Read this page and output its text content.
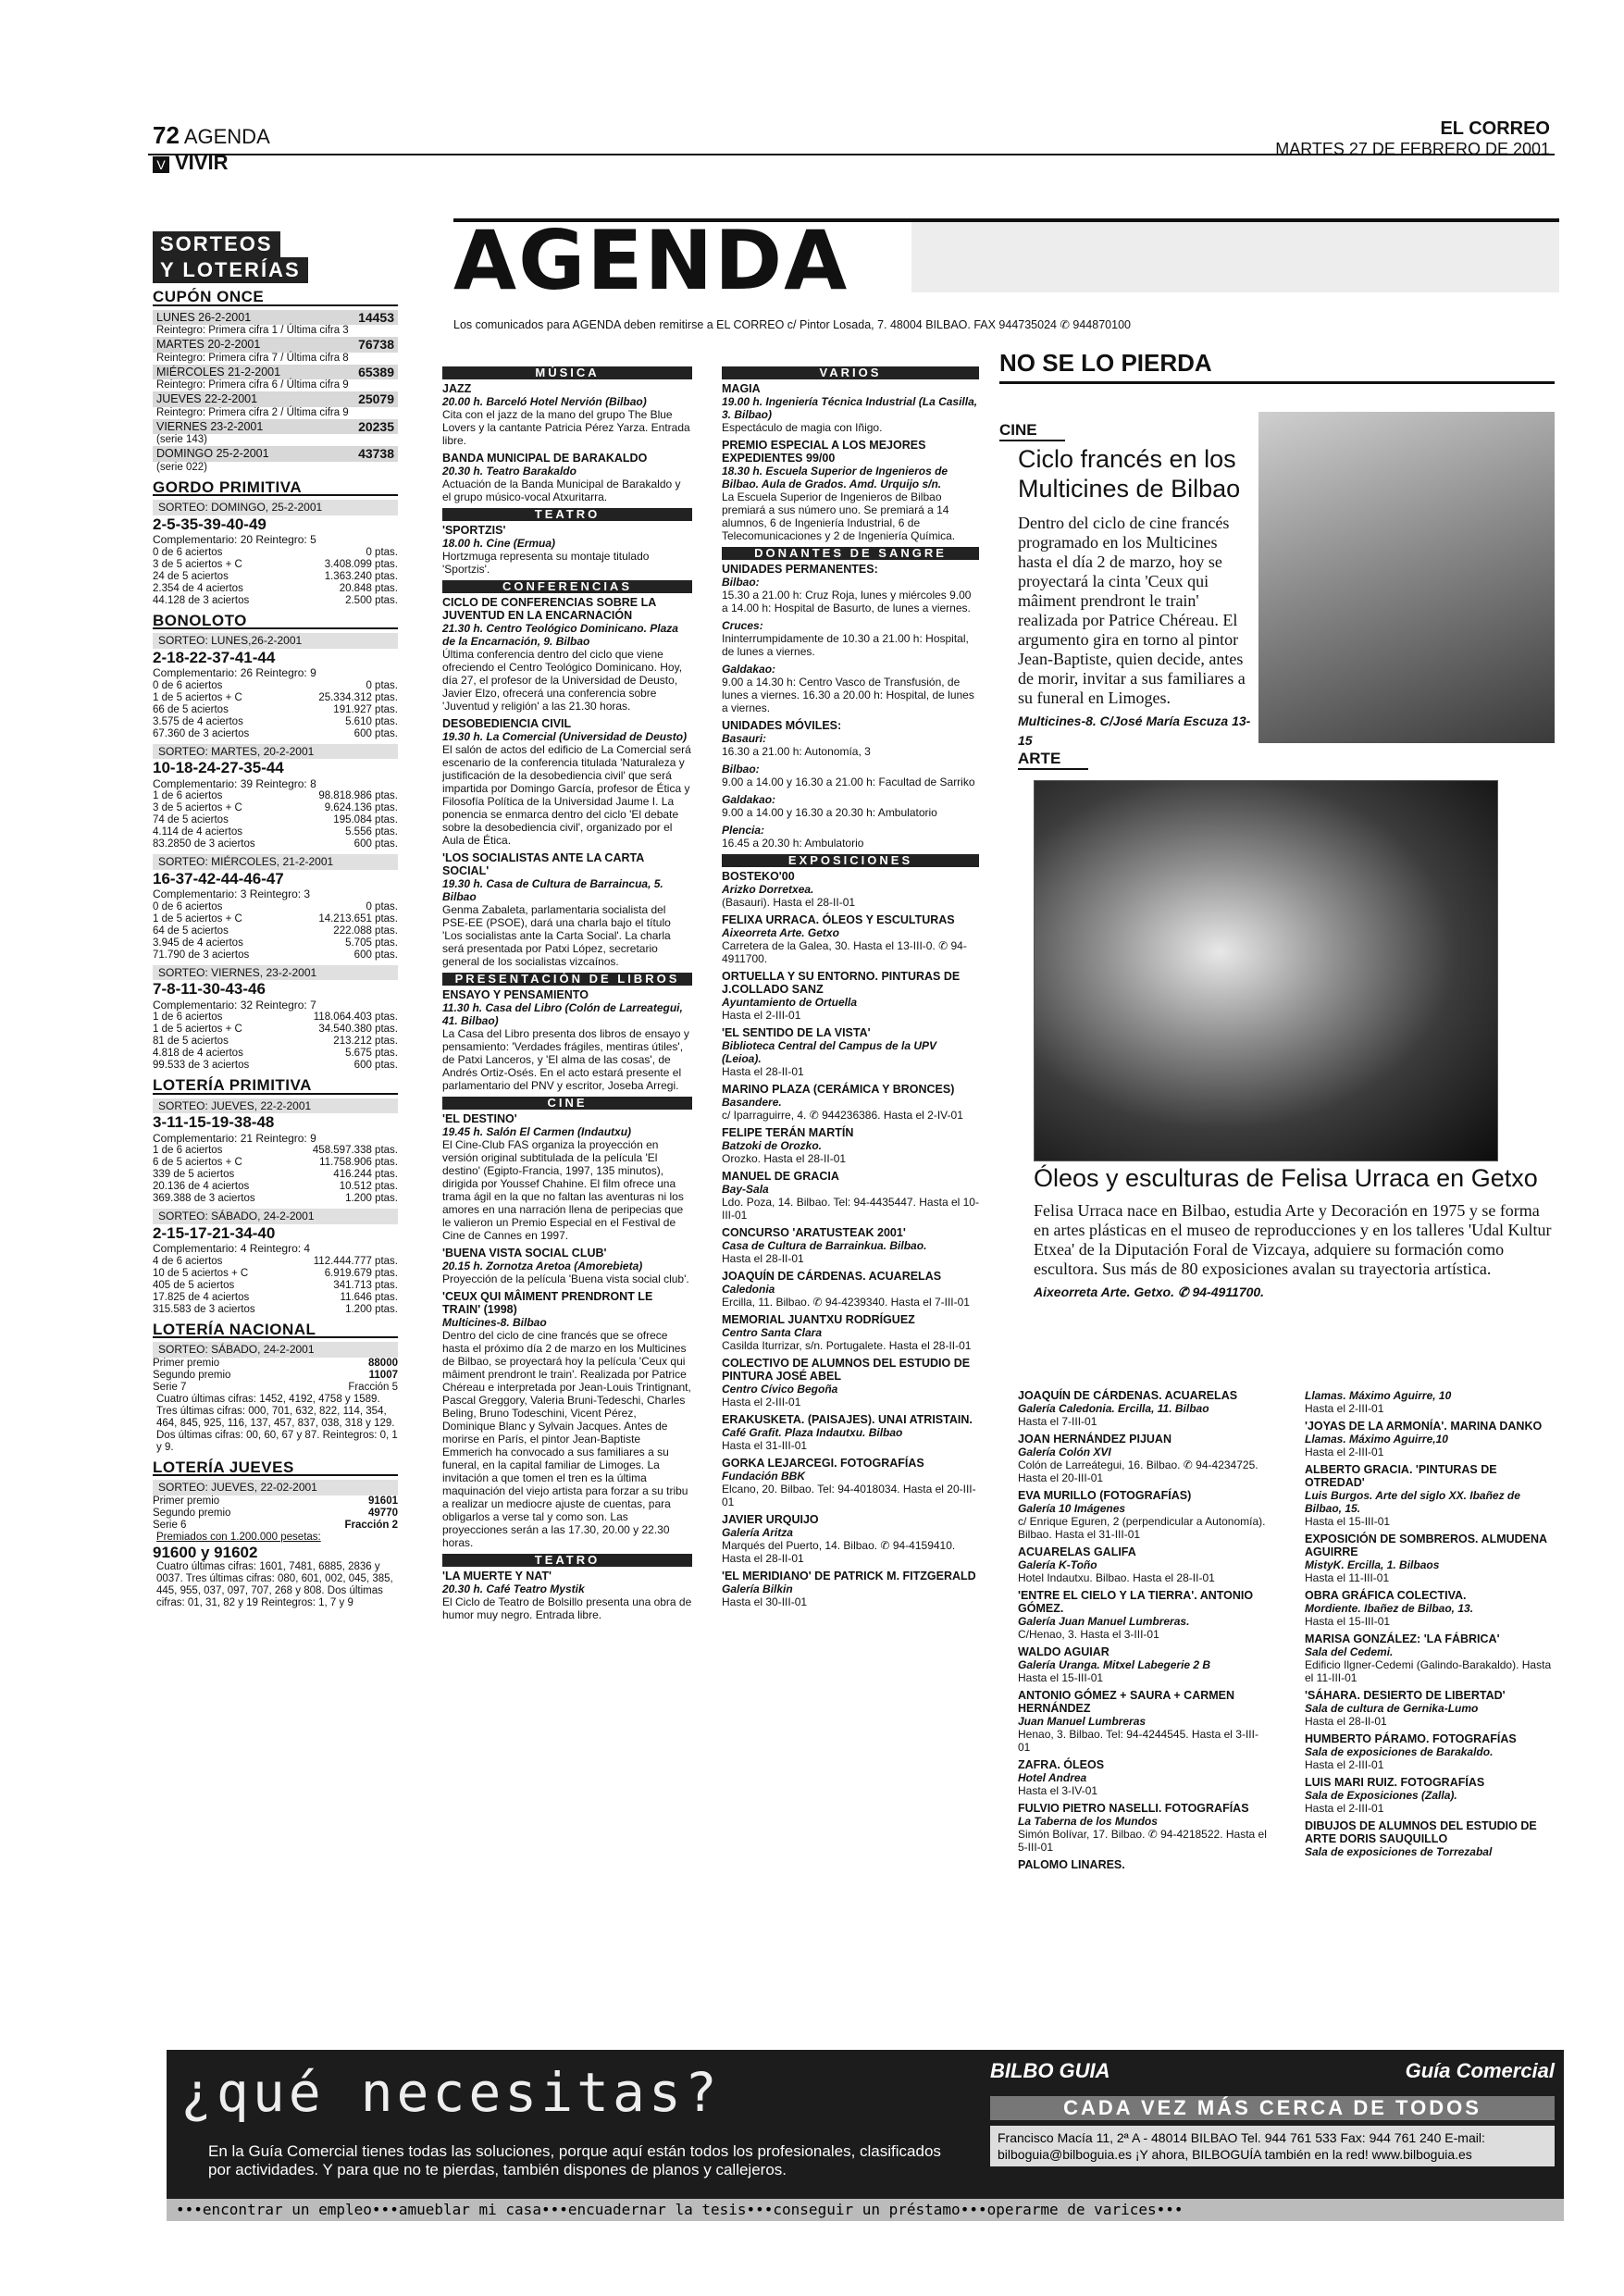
72 AGENDA
V VIVIR
EL CORREO
MARTES 27 DE FEBRERO DE 2001
SORTEOS
Y LOTERÍAS
CUPÓN ONCE
LUNES 26-2-2001	14453
Reintegro: Primera cifra 1 / Última cifra 3
MARTES 20-2-2001	76738
Reintegro: Primera cifra 7 / Última cifra 8
MIÉRCOLES 21-2-2001	65389
Reintegro: Primera cifra 6 / Última cifra 9
JUEVES 22-2-2001	25079
Reintegro: Primera cifra 2 / Última cifra 9
VIERNES 23-2-2001	20235
(serie 143)
DOMINGO 25-2-2001	43738
(serie 022)
GORDO PRIMITIVA
SORTEO: DOMINGO, 25-2-2001
2-5-35-39-40-49
Complementario: 20 Reintegro: 5
0 de 6 aciertos	0 ptas.
3 de 5 aciertos + C	3.408.099 ptas.
24 de 5 aciertos	1.363.240 ptas.
2.354 de 4 aciertos	20.848 ptas.
44.128 de 3 aciertos	2.500 ptas.
BONOLOTO
SORTEO: LUNES,26-2-2001
2-18-22-37-41-44
Complementario: 26 Reintegro: 9
0 de 6 aciertos	0 ptas.
1 de 5 aciertos + C	25.334.312 ptas.
66 de 5 aciertos	191.927 ptas.
3.575 de 4 aciertos	5.610 ptas.
67.360 de 3 aciertos	600 ptas.
SORTEO: MARTES, 20-2-2001
10-18-24-27-35-44
Complementario: 39 Reintegro: 8
1 de 6 aciertos	98.818.986 ptas.
3 de 5 aciertos + C	9.624.136 ptas.
74 de 5 aciertos	195.084 ptas.
4.114 de 4 aciertos	5.556 ptas.
83.2850 de 3 aciertos	600 ptas.
SORTEO: MIÉRCOLES, 21-2-2001
16-37-42-44-46-47
Complementario: 3 Reintegro: 3
0 de 6 aciertos	0 ptas.
1 de 5 aciertos + C	14.213.651 ptas.
64 de 5 aciertos	222.088 ptas.
3.945 de 4 aciertos	5.705 ptas.
71.790 de 3 aciertos	600 ptas.
SORTEO: VIERNES, 23-2-2001
7-8-11-30-43-46
Complementario: 32 Reintegro: 7
1 de 6 aciertos	118.064.403 ptas.
1 de 5 aciertos + C	34.540.380 ptas.
81 de 5 aciertos	213.212 ptas.
4.818 de 4 aciertos	5.675 ptas.
99.533 de 3 aciertos	600 ptas.
LOTERÍA PRIMITIVA
SORTEO: JUEVES, 22-2-2001
3-11-15-19-38-48
Complementario: 21 Reintegro: 9
1 de 6 aciertos	458.597.338 ptas.
6 de 5 aciertos + C	11.758.906 ptas.
339 de 5 aciertos	416.244 ptas.
20.136 de 4 aciertos	10.512 ptas.
369.388 de 3 aciertos	1.200 ptas.
SORTEO: SÁBADO, 24-2-2001
2-15-17-21-34-40
Complementario: 4 Reintegro: 4
4 de 6 aciertos	112.444.777 ptas.
10 de 5 aciertos + C	6.919.679 ptas.
405 de 5 aciertos	341.713 ptas.
17.825 de 4 aciertos	11.646 ptas.
315.583 de 3 aciertos	1.200 ptas.
LOTERÍA NACIONAL
SORTEO: SÁBADO, 24-2-2001
Primer premio	88000
Segundo premio	11007
Serie 7	Fracción 5
Cuatro últimas cifras: 1452, 4192, 4758 y 1589. Tres últimas cifras: 000, 701, 632, 822, 114, 354, 464, 845, 925, 116, 137, 457, 837, 038, 318 y 129. Dos últimas cifras: 00, 60, 67 y 87. Reintegros: 0, 1 y 9.
LOTERÍA JUEVES
SORTEO: JUEVES, 22-02-2001
Primer premio	91601
Segundo premio	49770
Serie 6	Fracción 2
Premiados con 1.200.000 pesetas:
91600 y 91602
Cuatro últimas cifras: 1601, 7481, 6885, 2836 y 0037. Tres últimas cifras: 080, 601, 002, 045, 385, 445, 955, 037, 097, 707, 268 y 808. Dos últimas cifras: 01, 31, 82 y 19 Reintegros: 1, 7 y 9
AGENDA
Los comunicados para AGENDA deben remitirse a EL CORREO c/ Pintor Losada, 7. 48004 BILBAO. FAX 944735024 ✆ 944870100
MÚSICA
JAZZ
20.00 h. Barceló Hotel Nervión (Bilbao)
Cita con el jazz de la mano del grupo The Blue Lovers y la cantante Patricia Pérez Yarza. Entrada libre.
BANDA MUNICIPAL DE BARAKALDO
20.30 h. Teatro Barakaldo
Actuación de la Banda Municipal de Barakaldo y el grupo músico-vocal Atxuritarra.
TEATRO
'SPORTZIS'
18.00 h. Cine (Ermua)
Hortzmuga representa su montaje titulado 'Sportzis'.
CONFERENCIAS
CICLO DE CONFERENCIAS SOBRE LA JUVENTUD EN LA ENCARNACIÓN
21.30 h. Centro Teológico Dominicano. Plaza de la Encarnación, 9. Bilbao
Última conferencia dentro del ciclo que viene ofreciendo el Centro Teológico Dominicano. Hoy, día 27, el profesor de la Universidad de Deusto, Javier Elzo, ofrecerá una conferencia sobre 'Juventud y religión' a las 21.30 horas.
DESOBEDIENCIA CIVIL
19.30 h. La Comercial (Universidad de Deusto)
El salón de actos del edificio de La Comercial será escenario de la conferencia titulada 'Naturaleza y justificación de la desobediencia civil' que será impartida por Domingo García, profesor de Ética y Filosofía Política de la Universidad Jaume I. La ponencia se enmarca dentro del ciclo 'El debate sobre la desobediencia civil', organizado por el Aula de Ética.
'LOS SOCIALISTAS ANTE LA CARTA SOCIAL'
19.30 h. Casa de Cultura de Barraincua, 5. Bilbao
Genma Zabaleta, parlamentaria socialista del PSE-EE (PSOE), dará una charla bajo el título 'Los socialistas ante la Carta Social'. La charla será presentada por Patxi López, secretario general de los socialistas vizcaínos.
PRESENTACIÓN DE LIBROS
ENSAYO Y PENSAMIENTO
11.30 h. Casa del Libro (Colón de Larreategui, 41. Bilbao)
La Casa del Libro presenta dos libros de ensayo y pensamiento: 'Verdades frágiles, mentiras útiles', de Patxi Lanceros, y 'El alma de las cosas', de Andrés Ortiz-Osés. En el acto estará presente el parlamentario del PNV y escritor, Joseba Arregi.
CINE
'EL DESTINO'
19.45 h. Salón El Carmen (Indautxu)
El Cine-Club FAS organiza la proyección en versión original subtitulada de la película 'El destino' (Egipto-Francia, 1997, 135 minutos), dirigida por Youssef Chahine. El film ofrece una trama ágil en la que no faltan las aventuras ni los amores en una narración llena de peripecias que le valieron un Premio Especial en el Festival de Cine de Cannes en 1997.
'BUENA VISTA SOCIAL CLUB'
20.15 h. Zornotza Aretoa (Amorebieta)
Proyección de la película 'Buena vista social club'.
'CEUX QUI MÂIMENT PRENDRONT LE TRAIN' (1998)
Multicines-8. Bilbao
Dentro del ciclo de cine francés que se ofrece hasta el próximo día 2 de marzo en los Multicines de Bilbao, se proyectará hoy la película 'Ceux qui mâiment prendront le train'. Realizada por Patrice Chéreau e interpretada por Jean-Louis Trintignant, Pascal Greggory, Valeria Bruni-Tedeschi, Charles Beling, Bruno Todeschini, Vicent Pérez, Dominique Blanc y Sylvain Jacques. Antes de morirse en París, el pintor Jean-Baptiste Emmerich ha convocado a sus familiares a su funeral, en la capital familiar de Limoges. La invitación a que tomen el tren es la última maquinación del viejo artista para forzar a su tribu a realizar un mediocre ajuste de cuentas, para obligarlos a verse tal y como son. Las proyecciones serán a las 17.30, 20.00 y 22.30 horas.
TEATRO
'LA MUERTE Y NAT'
20.30 h. Café Teatro Mystik
El Ciclo de Teatro de Bolsillo presenta una obra de humor muy negro. Entrada libre.
VARIOS
MAGIA
19.00 h. Ingeniería Técnica Industrial (La Casilla, 3. Bilbao)
Espectáculo de magia con Iñigo.
PREMIO ESPECIAL A LOS MEJORES EXPEDIENTES 99/00
18.30 h. Escuela Superior de Ingenieros de Bilbao. Aula de Grados. Amd. Urquijo s/n.
La Escuela Superior de Ingenieros de Bilbao premiará a sus número uno. Se premiará a 14 alumnos, 6 de Ingeniería Industrial, 6 de Telecomunicaciones y 2 de Ingeniería Química.
DONANTES DE SANGRE
UNIDADES PERMANENTES:
Bilbao:
15.30 a 21.00 h: Cruz Roja, lunes y miércoles 9.00 a 14.00 h: Hospital de Basurto, de lunes a viernes.
Cruces:
Ininterrumpidamente de 10.30 a 21.00 h: Hospital, de lunes a viernes.
Galdakao:
9.00 a 14.30 h: Centro Vasco de Transfusión, de lunes a viernes. 16.30 a 20.00 h: Hospital, de lunes a viernes.
UNIDADES MÓVILES:
Basauri:
16.30 a 21.00 h: Autonomía, 3
Bilbao:
9.00 a 14.00 y 16.30 a 21.00 h: Facultad de Sarriko
Galdakao:
9.00 a 14.00 y 16.30 a 20.30 h: Ambulatorio
Plencia:
16.45 a 20.30 h: Ambulatorio
EXPOSICIONES
BOSTEKO'00
Arizko Dorretxea.
(Basauri). Hasta el 28-II-01
FELIXA URRACA. ÓLEOS Y ESCULTURAS
Aixeorreta Arte. Getxo
Carretera de la Galea, 30. Hasta el 13-III-0. ✆ 94-4911700.
ORTUELLA Y SU ENTORNO. PINTURAS DE J.COLLADO SANZ
Ayuntamiento de Ortuella
Hasta el 2-III-01
'EL SENTIDO DE LA VISTA'
Biblioteca Central del Campus de la UPV (Leioa).
Hasta el 28-II-01
MARINO PLAZA (CERÁMICA Y BRONCES)
Basandere.
c/ Iparraguirre, 4. ✆ 944236386. Hasta el 2-IV-01
FELIPE TERÁN MARTÍN
Batzoki de Orozko.
Orozko. Hasta el 28-II-01
MANUEL DE GRACIA
Bay-Sala
Ldo. Poza, 14. Bilbao. Tel: 94-4435447. Hasta el 10-III-01
CONCURSO 'ARATUSTEAK 2001'
Casa de Cultura de Barrainkua. Bilbao.
Hasta el 28-II-01
JOAQUÍN DE CÁRDENAS. ACUARELAS
Caledonia
Ercilla, 11. Bilbao. ✆ 94-4239340. Hasta el 7-III-01
MEMORIAL JUANTXU RODRÍGUEZ
Centro Santa Clara
Casilda Iturrizar, s/n. Portugalete. Hasta el 28-II-01
COLECTIVO DE ALUMNOS DEL ESTUDIO DE PINTURA JOSÉ ABEL
Centro Cívico Begoña
Hasta el 2-III-01
ERAKUSKETA. (PAISAJES). UNAI ATRISTAIN.
Café Grafit. Plaza Indautxu. Bilbao
Hasta el 31-III-01
GORKA LEJARCEGI. FOTOGRAFÍAS
Fundación BBK
Elcano, 20. Bilbao. Tel: 94-4018034. Hasta el 20-III-01
JAVIER URQUIJO
Galería Aritza
Marqués del Puerto, 14. Bilbao. ✆ 94-4159410. Hasta el 28-II-01
'EL MERIDIANO' DE PATRICK M. FITZGERALD
Galería Bilkin
Hasta el 30-III-01
JOAQUÍN DE CÁRDENAS. ACUARELAS
Galería Caledonia. Ercilla, 11. Bilbao
Hasta el 7-III-01
JOAN HERNÁNDEZ PIJUAN
Galería Colón XVI
Colón de Larreátegui, 16. Bilbao. ✆ 94-4234725. Hasta el 20-III-01
EVA MURILLO (FOTOGRAFÍAS)
Galería 10 Imágenes
c/ Enrique Eguren, 2 (perpendicular a Autonomía). Bilbao. Hasta el 31-III-01
ACUARELAS GALIFA
Galería K-Toño
Hotel Indautxu. Bilbao. Hasta el 28-II-01
'ENTRE EL CIELO Y LA TIERRA'. ANTONIO GÓMEZ.
Galería Juan Manuel Lumbreras.
C/Henao, 3. Hasta el 3-III-01
WALDO AGUIAR
Galería Uranga. Mitxel Labegerie 2 B
Hasta el 15-III-01
ANTONIO GÓMEZ + SAURA + CARMEN HERNÁNDEZ
Juan Manuel Lumbreras
Henao, 3. Bilbao. Tel: 94-4244545. Hasta el 3-III-01
ZAFRA. ÓLEOS
Hotel Andrea
Hasta el 3-IV-01
FULVIO PIETRO NASELLI. FOTOGRAFÍAS
La Taberna de los Mundos
Simón Bolívar, 17. Bilbao. ✆ 94-4218522. Hasta el 5-III-01
PALOMO LINARES.
Llamas. Máximo Aguirre, 10
Hasta el 2-III-01
'JOYAS DE LA ARMONÍA'. MARINA DANKO
Llamas. Máximo Aguirre,10
Hasta el 2-III-01
ALBERTO GRACIA. 'PINTURAS DE OTREDAD'
Luis Burgos. Arte del siglo XX. Ibañez de Bilbao, 15.
Hasta el 15-III-01
EXPOSICIÓN DE SOMBREROS. ALMUDENA AGUIRRE
MistyK. Ercilla, 1. Bilbaos
Hasta el 11-III-01
OBRA GRÁFICA COLECTIVA.
Mordiente. Ibañez de Bilbao, 13.
Hasta el 15-III-01
MARISA GONZÁLEZ: 'LA FÁBRICA'
Sala del Cedemi.
Edificio Ilgner-Cedemi (Galindo-Barakaldo). Hasta el 11-III-01
'SÁHARA. DESIERTO DE LIBERTAD'
Sala de cultura de Gernika-Lumo
Hasta el 28-II-01
HUMBERTO PÁRAMO. FOTOGRAFÍAS
Sala de exposiciones de Barakaldo.
Hasta el 2-III-01
LUIS MARI RUIZ. FOTOGRAFÍAS
Sala de Exposiciones (Zalla).
Hasta el 2-III-01
DIBUJOS DE ALUMNOS DEL ESTUDIO DE ARTE DORIS SAUQUILLO
Sala de exposiciones de Torrezabal
NO SE LO PIERDA
CINE
Ciclo francés en los Multicines de Bilbao
Dentro del ciclo de cine francés programado en los Multicines hasta el día 2 de marzo, hoy se proyectará la cinta 'Ceux qui mâiment prendront le train' realizada por Patrice Chéreau. El argumento gira en torno al pintor Jean-Baptiste, quien decide, antes de morir, invitar a sus familiares a su funeral en Limoges.
Multicines-8. C/José María Escuza 13-15
ARTE
Óleos y esculturas de Felisa Urraca en Getxo
Felisa Urraca nace en Bilbao, estudia Arte y Decoración en 1975 y se forma en artes plásticas en el museo de reproducciones y en los talleres 'Udal Kultur Etxea' de la Diputación Foral de Vizcaya, adquiere su formación como escultora. Sus más de 80 exposiciones avalan su trayectoria artística.
Aixeorreta Arte. Getxo. ✆ 94-4911700.
¿qué necesitas?
En la Guía Comercial tienes todas las soluciones, porque aquí están todos los profesionales, clasificados por actividades. Y para que no te pierdas, también dispones de planos y callejeros.
BILBO GUIA	Guía Comercial
CADA VEZ MÁS CERCA DE TODOS
Francisco Macía 11, 2ª A - 48014 BILBAO Tel. 944 761 533 Fax: 944 761 240 E-mail: bilboguia@bilboguia.es ¡Y ahora, BILBOGUÍA también en la red! www.bilboguia.es
•••encontrar un empleo•••amueblar mi casa•••encuadernar la tesis•••conseguir un préstamo•••operarme de varices•••
